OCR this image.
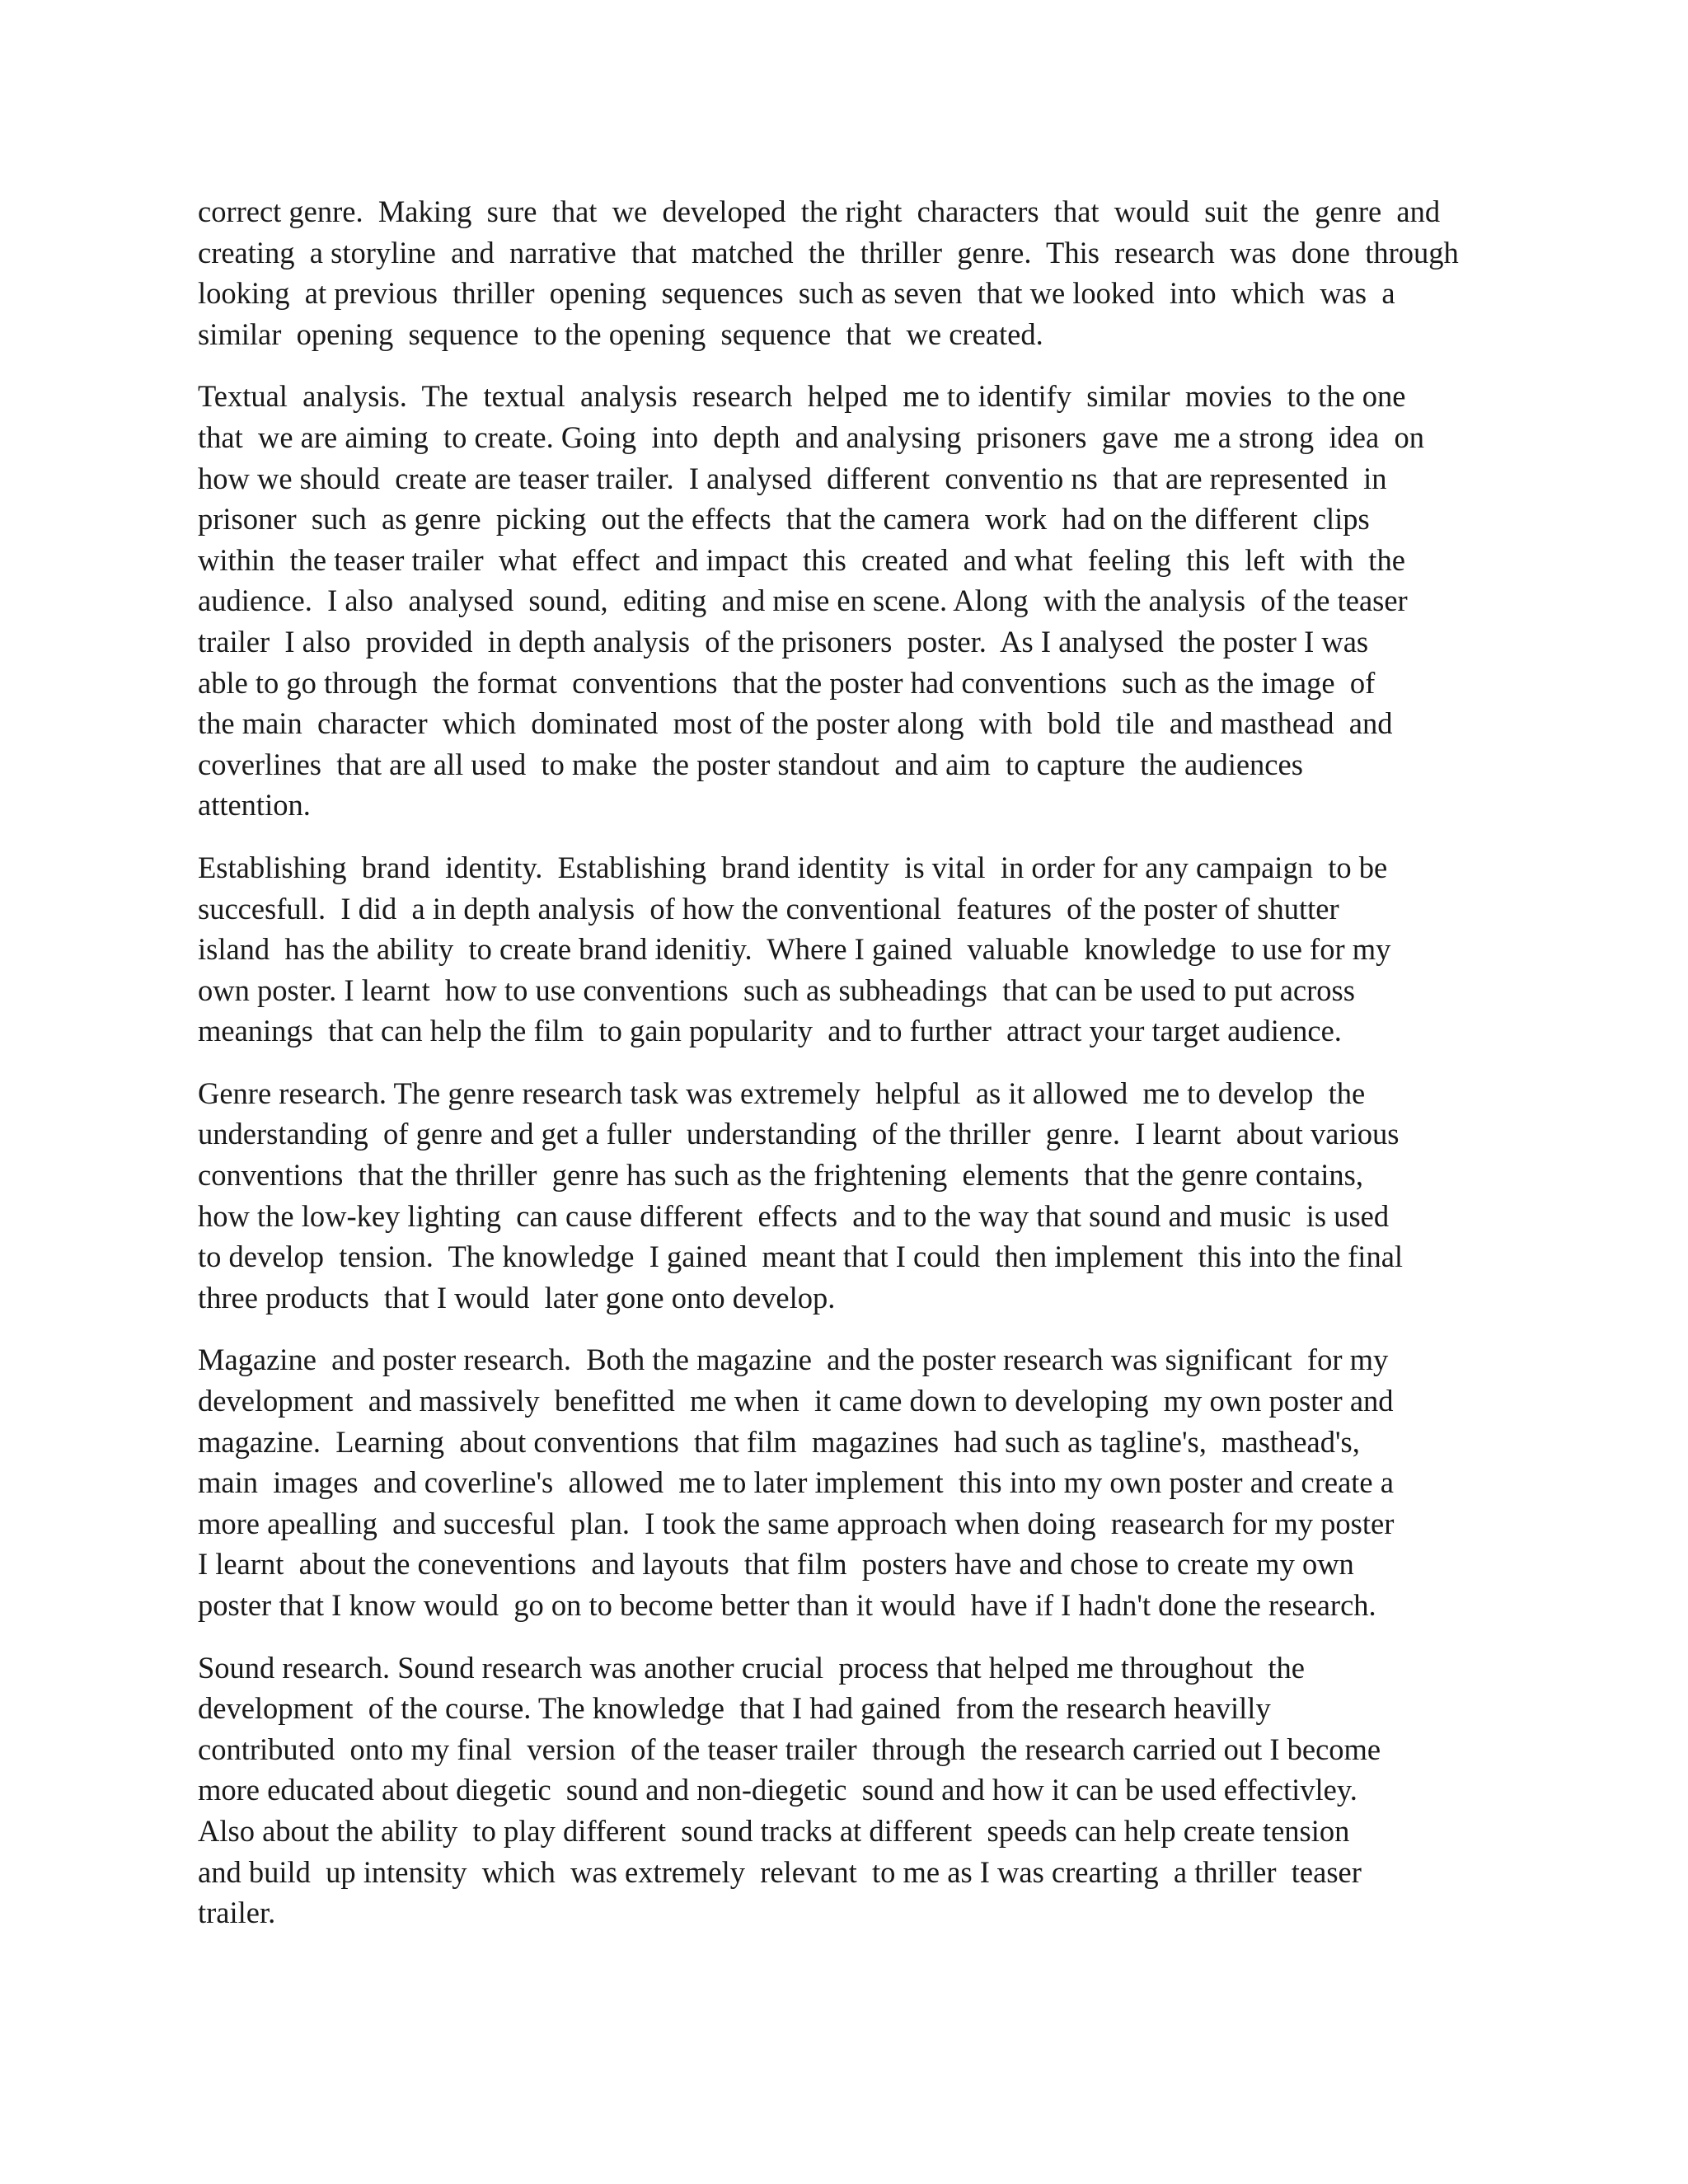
correct genre.  Making  sure  that  we  developed  the right  characters  that  would  suit  the  genre  and
creating  a storyline  and  narrative  that  matched  the  thriller  genre.  This  research  was  done  through
looking  at previous  thriller  opening  sequences  such as seven  that we looked  into  which  was  a
similar  opening  sequence  to the opening  sequence  that  we created.
Textual  analysis.  The  textual  analysis  research  helped  me to identify  similar  movies  to the one
that  we are aiming  to create. Going  into  depth  and analysing  prisoners  gave  me a strong  idea  on
how we should  create are teaser trailer.  I analysed  different  conventio ns  that are represented  in
prisoner  such  as genre  picking  out the effects  that the camera  work  had on the different  clips
within  the teaser trailer  what  effect  and impact  this  created  and what  feeling  this  left  with  the
audience.  I also  analysed  sound,  editing  and mise en scene. Along  with the analysis  of the teaser
trailer  I also  provided  in depth analysis  of the prisoners  poster.  As I analysed  the poster I was
able to go through  the format  conventions  that the poster had conventions  such as the image  of
the main  character  which  dominated  most of the poster along  with  bold  tile  and masthead  and
coverlines  that are all used  to make  the poster standout  and aim  to capture  the audiences
attention.
Establishing  brand  identity.  Establishing  brand identity  is vital  in order for any campaign  to be
succesfull.  I did  a in depth analysis  of how the conventional  features  of the poster of shutter
island  has the ability  to create brand idenitiy.  Where I gained  valuable  knowledge  to use for my
own poster. I learnt  how to use conventions  such as subheadings  that can be used to put across
meanings  that can help the film  to gain popularity  and to further  attract your target audience.
Genre research. The genre research task was extremely  helpful  as it allowed  me to develop  the
understanding  of genre and get a fuller  understanding  of the thriller  genre.  I learnt  about various
conventions  that the thriller  genre has such as the frightening  elements  that the genre contains,
how the low-key lighting  can cause different  effects  and to the way that sound and music  is used
to develop  tension.  The knowledge  I gained  meant that I could  then implement  this into the final
three products  that I would  later gone onto develop.
Magazine  and poster research.  Both the magazine  and the poster research was significant  for my
development  and massively  benefitted  me when  it came down to developing  my own poster and
magazine.  Learning  about conventions  that film  magazines  had such as tagline's,  masthead's,
main  images  and coverline's  allowed  me to later implement  this into my own poster and create a
more apealling  and succesful  plan.  I took the same approach when doing  reasearch for my poster
I learnt  about the coneventions  and layouts  that film  posters have and chose to create my own
poster that I know would  go on to become better than it would  have if I hadn't done the research.
Sound research. Sound research was another crucial  process that helped me throughout  the
development  of the course. The knowledge  that I had gained  from the research heavilly
contributed  onto my final  version  of the teaser trailer  through  the research carried out I become
more educated about diegetic  sound and non-diegetic  sound and how it can be used effectivley.
Also about the ability  to play different  sound tracks at different  speeds can help create tension
and build  up intensity  which  was extremely  relevant  to me as I was crearting  a thriller  teaser
trailer.
